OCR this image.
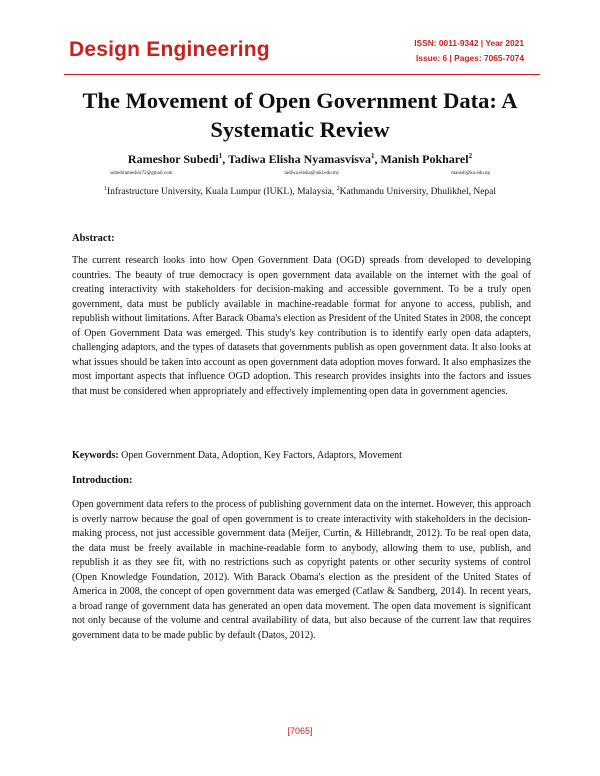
Design Engineering	ISSN: 0011-9342 | Year 2021
Issue: 6 | Pages: 7065-7074
The Movement of Open Government Data: A Systematic Review
Rameshor Subedi$^1$, Tadiwa Elisha Nyamasvisva$^1$, Manish Pokharel$^2$
subedirameshor72@gmail.com	tadiwa.elisha@iukl.edu.my	manish@ku.edu.np
$^1$Infrastructure University, Kuala Lumpur (IUKL), Malaysia, $^2$Kathmandu University, Dhulikhel, Nepal
Abstract:

The current research looks into how Open Government Data (OGD) spreads from developed to developing countries. The beauty of true democracy is open government data available on the internet with the goal of creating interactivity with stakeholders for decision-making and accessible government. To be a truly open government, data must be publicly available in machine-readable format for anyone to access, publish, and republish without limitations. After Barack Obama's election as President of the United States in 2008, the concept of Open Government Data was emerged. This study's key contribution is to identify early open data adapters, challenging adaptors, and the types of datasets that governments publish as open government data. It also looks at what issues should be taken into account as open government data adoption moves forward. It also emphasizes the most important aspects that influence OGD adoption. This research provides insights into the factors and issues that must be considered when appropriately and effectively implementing open data in government agencies.

Keywords: Open Government Data, Adoption, Key Factors, Adaptors, Movement
Introduction:

Open government data refers to the process of publishing government data on the internet. However, this approach is overly narrow because the goal of open government is to create interactivity with stakeholders in the decision-making process, not just accessible government data (Meijer, Curtin, & Hillebrandt, 2012). To be real open data, the data must be freely available in machine-readable form to anybody, allowing them to use, publish, and republish it as they see fit, with no restrictions such as copyright patents or other security systems of control (Open Knowledge Foundation, 2012). With Barack Obama's election as the president of the United States of America in 2008, the concept of open government data was emerged (Catlaw & Sandberg, 2014). In recent years, a broad range of government data has generated an open data movement. The open data movement is significant not only because of the volume and central availability of data, but also because of the current law that requires government data to be made public by default (Datos, 2012).

[7065]
